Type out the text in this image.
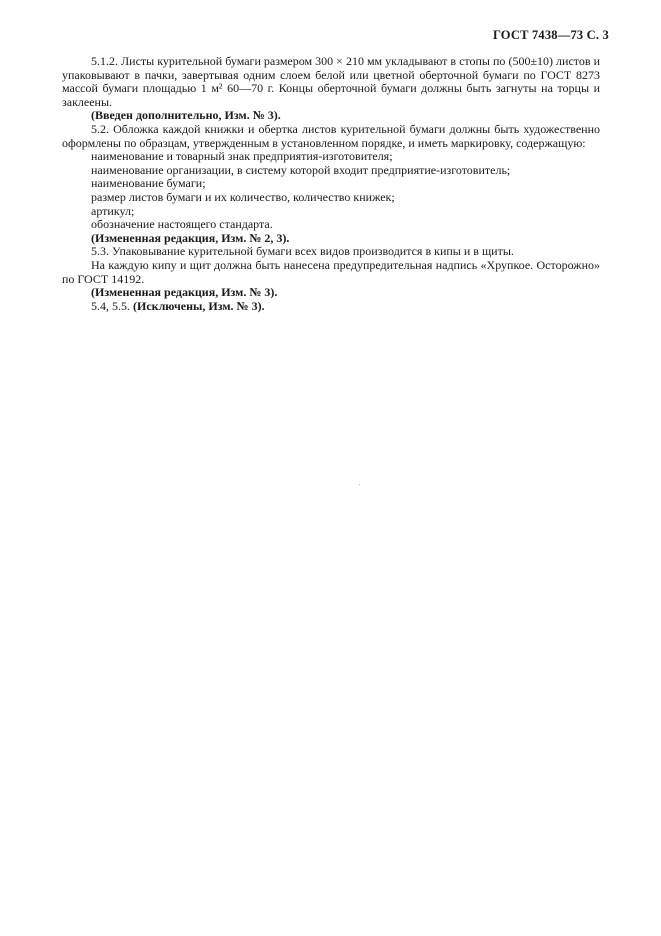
ГОСТ 7438—73 С. 3

5.1.2. Листы курительной бумаги размером 300 × 210 мм укладывают в стопы по (500±10) листов и упаковывают в пачки, завертывая одним слоем белой или цветной оберточной бумаги по ГОСТ 8273 массой бумаги площадью 1 м² 60—70 г. Концы оберточной бумаги должны быть загнуты на торцы и заклеены.

(Введен дополнительно, Изм. № 3).

5.2. Обложка каждой книжки и обертка листов курительной бумаги должны быть художественно оформлены по образцам, утвержденным в установленном порядке, и иметь маркировку, содержащую:

наименование и товарный знак предприятия-изготовителя;

наименование организации, в систему которой входит предприятие-изготовитель;

наименование бумаги;

размер листов бумаги и их количество, количество книжек;

артикул;

обозначение настоящего стандарта.

(Измененная редакция, Изм. № 2, 3).

5.3. Упаковывание курительной бумаги всех видов производится в кипы и в щиты.

На каждую кипу и щит должна быть нанесена предупредительная надпись «Хрупкое. Осторожно» по ГОСТ 14192.

(Измененная редакция, Изм. № 3).

5.4, 5.5. (Исключены, Изм. № 3).
